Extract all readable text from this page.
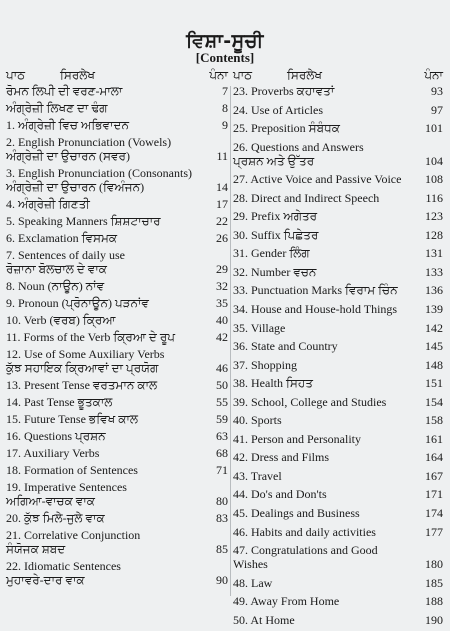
ਵਿਸ਼ਾ-ਸੂਚੀ
[Contents]
ਪਾਠ	ਸਿਰਲੇਖ	ਪੰਨਾ
ਰੋਮਨ ਲਿਪੀ ਦੀ ਵਰਣ-ਮਾਲਾ	7
ਅੰਗ੍ਰੇਜ਼ੀ ਲਿਖਣ ਦਾ ਢੰਗ	8
1. ਅੰਗ੍ਰੇਜ਼ੀ ਵਿਚ ਅਭਿਵਾਦਨ	9
2. English Pronunciation (Vowels)
ਅੰਗ੍ਰੇਜ਼ੀ ਦਾ ਉਚਾਰਨ (ਸਵਰ)	11
3. English Pronunciation (Consonants)
ਅੰਗ੍ਰੇਜ਼ੀ ਦਾ ਉਚਾਰਨ (ਵਿਅੰਜਨ)	14
4. ਅੰਗ੍ਰੇਜ਼ੀ ਗਿਣਤੀ	17
5. Speaking Manners ਸ਼ਿਸ਼ਟਾਚਾਰ	22
6. Exclamation ਵਿਸਮਕ	26
7. Sentences of daily use
ਰੋਜ਼ਾਨਾ ਬੋਲਚਾਲ ਦੇ ਵਾਕ	29
8. Noun (ਨਾਊਨ) ਨਾਂਵ	32
9. Pronoun (ਪ੍ਰੋਨਾਊਨ) ਪੜਨਾਂਵ	35
10. Verb (ਵਰਬ) ਕ੍ਰਿਆ	40
11. Forms of the Verb ਕ੍ਰਿਆ ਦੇ ਰੂਪ	42
12. Use of Some Auxiliary Verbs
ਕੁੱਝ ਸਹਾਇਕ ਕ੍ਰਿਆਵਾਂ ਦਾ ਪ੍ਰਯੋਗ	46
13. Present Tense ਵਰਤਮਾਨ ਕਾਲ	50
14. Past Tense ਭੂਤਕਾਲ	55
15. Future Tense ਭਵਿਖ ਕਾਲ	59
16. Questions ਪ੍ਰਸ਼ਨ	63
17. Auxiliary Verbs	68
18. Formation of Sentences	71
19. Imperative Sentences
ਅਗਿਆ-ਵਾਚਕ ਵਾਕ	80
20. ਕੁੱਝ ਮਿਲੇ-ਜੁਲੇ ਵਾਕ	83
21. Correlative Conjunction
ਸੰਯੋਜਕ ਸ਼ਬਦ	85
22. Idiomatic Sentences
ਮੁਹਾਵਰੇ-ਦਾਰ ਵਾਕ	90
ਪਾਠ	ਸਿਰਲੇਖ	ਪੰਨਾ
23. Proverbs ਕਹਾਵਤਾਂ	93
24. Use of Articles	97
25. Preposition ਸੰਬੰਧਕ	101
26. Questions and Answers
ਪ੍ਰਸ਼ਨ ਅਤੇ ਉੱਤਰ	104
27. Active Voice and Passive Voice	108
28. Direct and Indirect Speech	116
29. Prefix ਅਗੇਤਰ	123
30. Suffix ਪਿਛੇਤਰ	128
31. Gender ਲਿੰਗ	131
32. Number ਵਚਨ	133
33. Punctuation Marks ਵਿਰਾਮ ਚਿੰਨ	136
34. House and House-hold Things	139
35. Village	142
36. State and Country	145
37. Shopping	148
38. Health ਸਿਹਤ	151
39. School, College and Studies	154
40. Sports	158
41. Person and Personality	161
42. Dress and Films	164
43. Travel	167
44. Do's and Don'ts	171
45. Dealings and Business	174
46. Habits and daily activities	177
47. Congratulations and Good Wishes	180
48. Law	185
49. Away From Home	188
50. At Home	190
